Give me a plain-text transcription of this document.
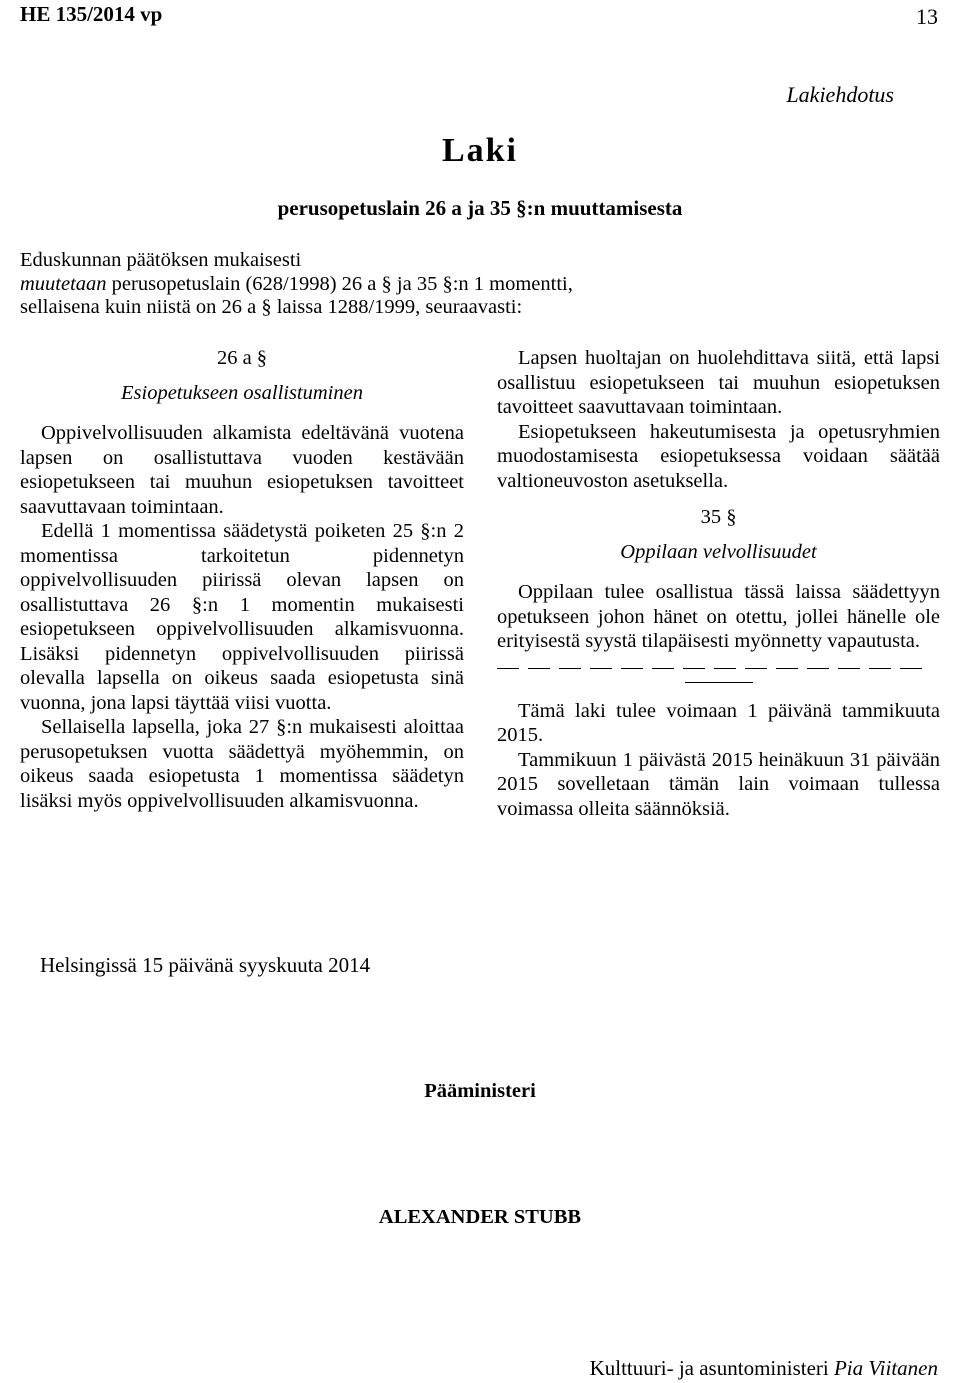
HE 135/2014 vp	13
Lakiehdotus
Laki
perusopetuslain 26 a ja 35 §:n muuttamisesta
Eduskunnan päätöksen mukaisesti
muutetaan perusopetuslain (628/1998) 26 a § ja 35 §:n 1 momentti,
sellaisena kuin niistä on 26 a § laissa 1288/1999, seuraavasti:
26 a §
Esiopetukseen osallistuminen

Oppivelvollisuuden alkamista edeltävänä vuotena lapsen on osallistuttava vuoden kestävään esiopetukseen tai muuhun esiopetuksen tavoitteet saavuttavaan toimintaan.

Edellä 1 momentissa säädetystä poiketen 25 §:n 2 momentissa tarkoitetun pidennetyn oppivelvollisuuden piirissä olevan lapsen on osallistuttava 26 §:n 1 momentin mukaisesti esiopetukseen oppivelvollisuuden alkamisvuonna. Lisäksi pidennetyn oppivelvollisuuden piirissä olevalla lapsella on oikeus saada esiopetusta sinä vuonna, jona lapsi täyttää viisi vuotta.

Sellaisella lapsella, joka 27 §:n mukaisesti aloittaa perusopetuksen vuotta säädettyä myöhemmin, on oikeus saada esiopetusta 1 momentissa säädetyn lisäksi myös oppivelvollisuuden alkamisvuonna.

Lapsen huoltajan on huolehdittava siitä, että lapsi osallistuu esiopetukseen tai muuhun esiopetuksen tavoitteet saavuttavaan toimintaan.

Esiopetukseen hakeutumisesta ja opetusryhmien muodostamisesta esiopetuksessa voidaan säätää valtioneuvoston asetuksella.

35 §
Oppilaan velvollisuudet

Oppilaan tulee osallistua tässä laissa säädettyyn opetukseen johon hänet on otettu, jollei hänelle ole erityisestä syystä tilapäisesti myönnetty vapautusta.

Tämä laki tulee voimaan 1 päivänä tammikuuta 2015.

Tammikuun 1 päivästä 2015 heinäkuun 31 päivään 2015 sovelletaan tämän lain voimaan tullessa voimassa olleita säännöksiä.

Helsingissä 15 päivänä syyskuuta 2014
Pääministeri
ALEXANDER STUBB
Kulttuuri- ja asuntoministeri Pia Viitanen
